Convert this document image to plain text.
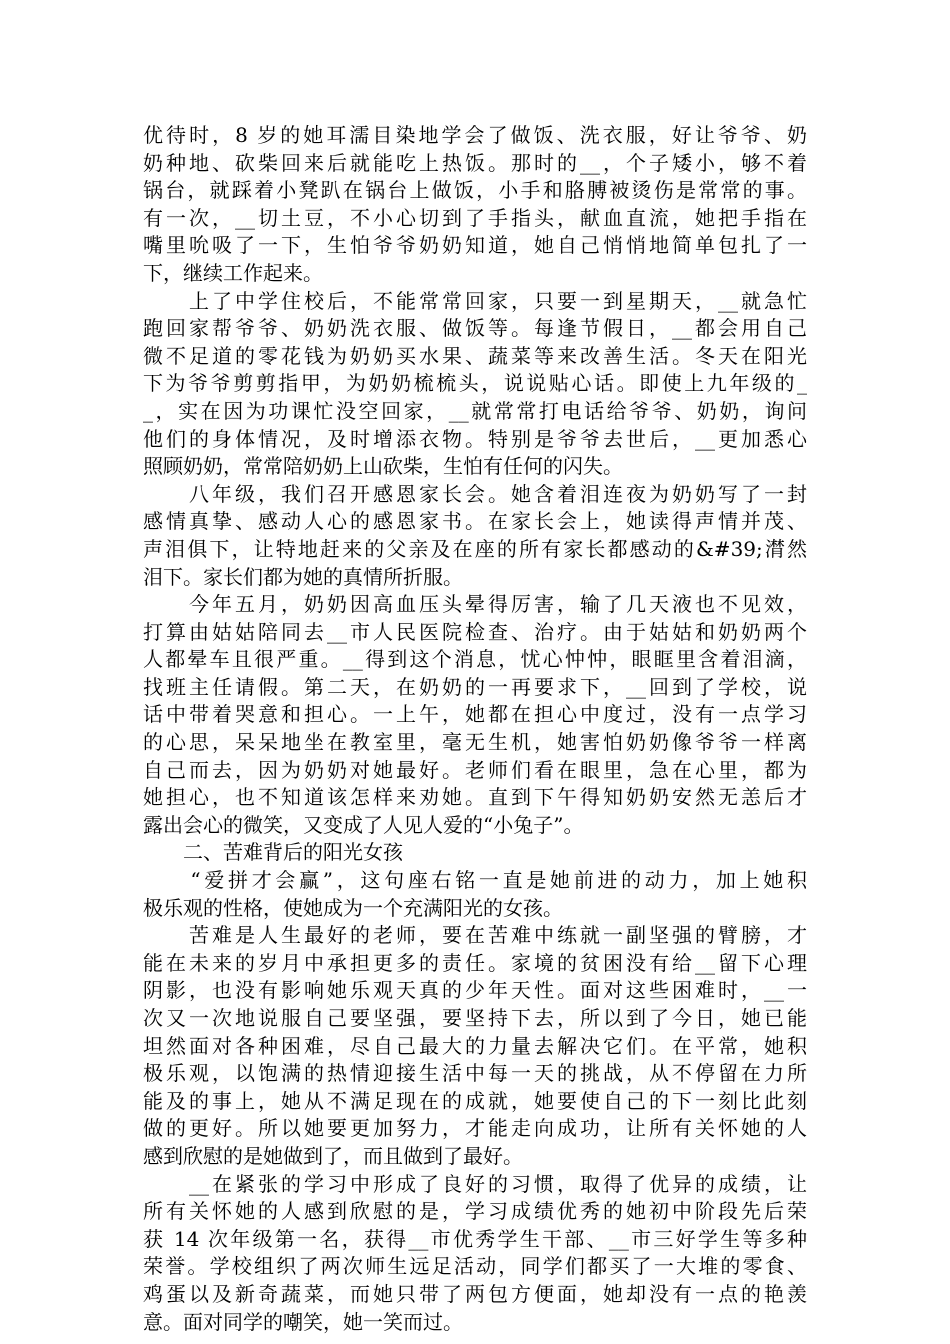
优待时，8 岁的她耳濡目染地学会了做饭、洗衣服，好让爷爷、奶
奶种地、砍柴回来后就能吃上热饭。那时的__，个子矮小，够不着
锅台，就踩着小凳趴在锅台上做饭，小手和胳膊被烫伤是常常的事。
有一次，__切土豆，不小心切到了手指头，献血直流，她把手指在
嘴里吮吸了一下，生怕爷爷奶奶知道，她自己悄悄地简单包扎了一
下，继续工作起来。
　　上了中学住校后，不能常常回家，只要一到星期天，__就急忙
跑回家帮爷爷、奶奶洗衣服、做饭等。每逢节假日，__都会用自己
微不足道的零花钱为奶奶买水果、蔬菜等来改善生活。冬天在阳光
下为爷爷剪剪指甲，为奶奶梳梳头，说说贴心话。即使上九年级的_
_，实在因为功课忙没空回家，__就常常打电话给爷爷、奶奶，询问
他们的身体情况，及时增添衣物。特别是爷爷去世后，__更加悉心
照顾奶奶，常常陪奶奶上山砍柴，生怕有任何的闪失。
　　八年级，我们召开感恩家长会。她含着泪连夜为奶奶写了一封
感情真挚、感动人心的感恩家书。在家长会上，她读得声情并茂、
声泪俱下，让特地赶来的父亲及在座的所有家长都感动的&#39;潸然
泪下。家长们都为她的真情所折服。
　　今年五月，奶奶因高血压头晕得厉害，输了几天液也不见效，
打算由姑姑陪同去__市人民医院检查、治疗。由于姑姑和奶奶两个
人都晕车且很严重。__得到这个消息，忧心忡忡，眼眶里含着泪滴，
找班主任请假。第二天，在奶奶的一再要求下，__回到了学校，说
话中带着哭意和担心。一上午，她都在担心中度过，没有一点学习
的心思，呆呆地坐在教室里，毫无生机，她害怕奶奶像爷爷一样离
自己而去，因为奶奶对她最好。老师们看在眼里，急在心里，都为
她担心，也不知道该怎样来劝她。直到下午得知奶奶安然无恙后才
露出会心的微笑，又变成了人见人爱的“小兔子”。
　　二、苦难背后的阳光女孩
　　“爱拼才会赢”，这句座右铭一直是她前进的动力，加上她积
极乐观的性格，使她成为一个充满阳光的女孩。
　　苦难是人生最好的老师，要在苦难中练就一副坚强的臂膀，才
能在未来的岁月中承担更多的责任。家境的贫困没有给__留下心理
阴影，也没有影响她乐观天真的少年天性。面对这些困难时，__一
次又一次地说服自己要坚强，要坚持下去，所以到了今日，她已能
坦然面对各种困难，尽自己最大的力量去解决它们。在平常，她积
极乐观，以饱满的热情迎接生活中每一天的挑战，从不停留在力所
能及的事上，她从不满足现在的成就，她要使自己的下一刻比此刻
做的更好。所以她要更加努力，才能走向成功，让所有关怀她的人
感到欣慰的是她做到了，而且做到了最好。
　　__在紧张的学习中形成了良好的习惯，取得了优异的成绩，让
所有关怀她的人感到欣慰的是，学习成绩优秀的她初中阶段先后荣
获 14 次年级第一名，获得__市优秀学生干部、__市三好学生等多种
荣誉。学校组织了两次师生远足活动，同学们都买了一大堆的零食、
鸡蛋以及新奇蔬菜，而她只带了两包方便面，她却没有一点的艳羡
意。面对同学的嘲笑，她一笑而过。
